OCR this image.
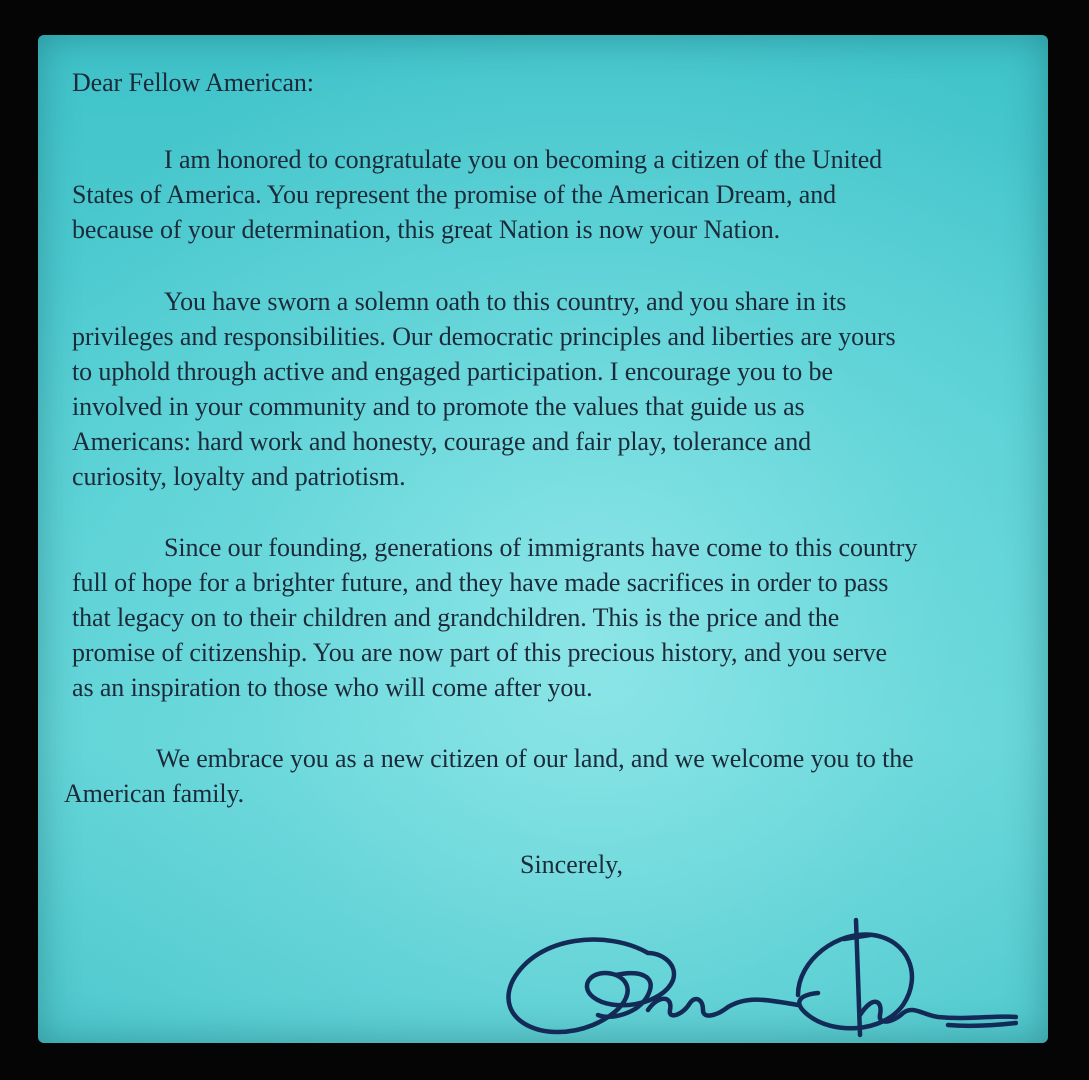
Dear Fellow American:

I am honored to congratulate you on becoming a citizen of the United
States of America. You represent the promise of the American Dream, and
because of your determination, this great Nation is now your Nation.

You have sworn a solemn oath to this country, and you share in its
privileges and responsibilities. Our democratic principles and liberties are yours
to uphold through active and engaged participation. I encourage you to be
involved in your community and to promote the values that guide us as
Americans: hard work and honesty, courage and fair play, tolerance and
curiosity, loyalty and patriotism.

Since our founding, generations of immigrants have come to this country
full of hope for a brighter future, and they have made sacrifices in order to pass
that legacy on to their children and grandchildren. This is the price and the
promise of citizenship. You are now part of this precious history, and you serve
as an inspiration to those who will come after you.

We embrace you as a new citizen of our land, and we welcome you to the
American family.

Sincerely,
